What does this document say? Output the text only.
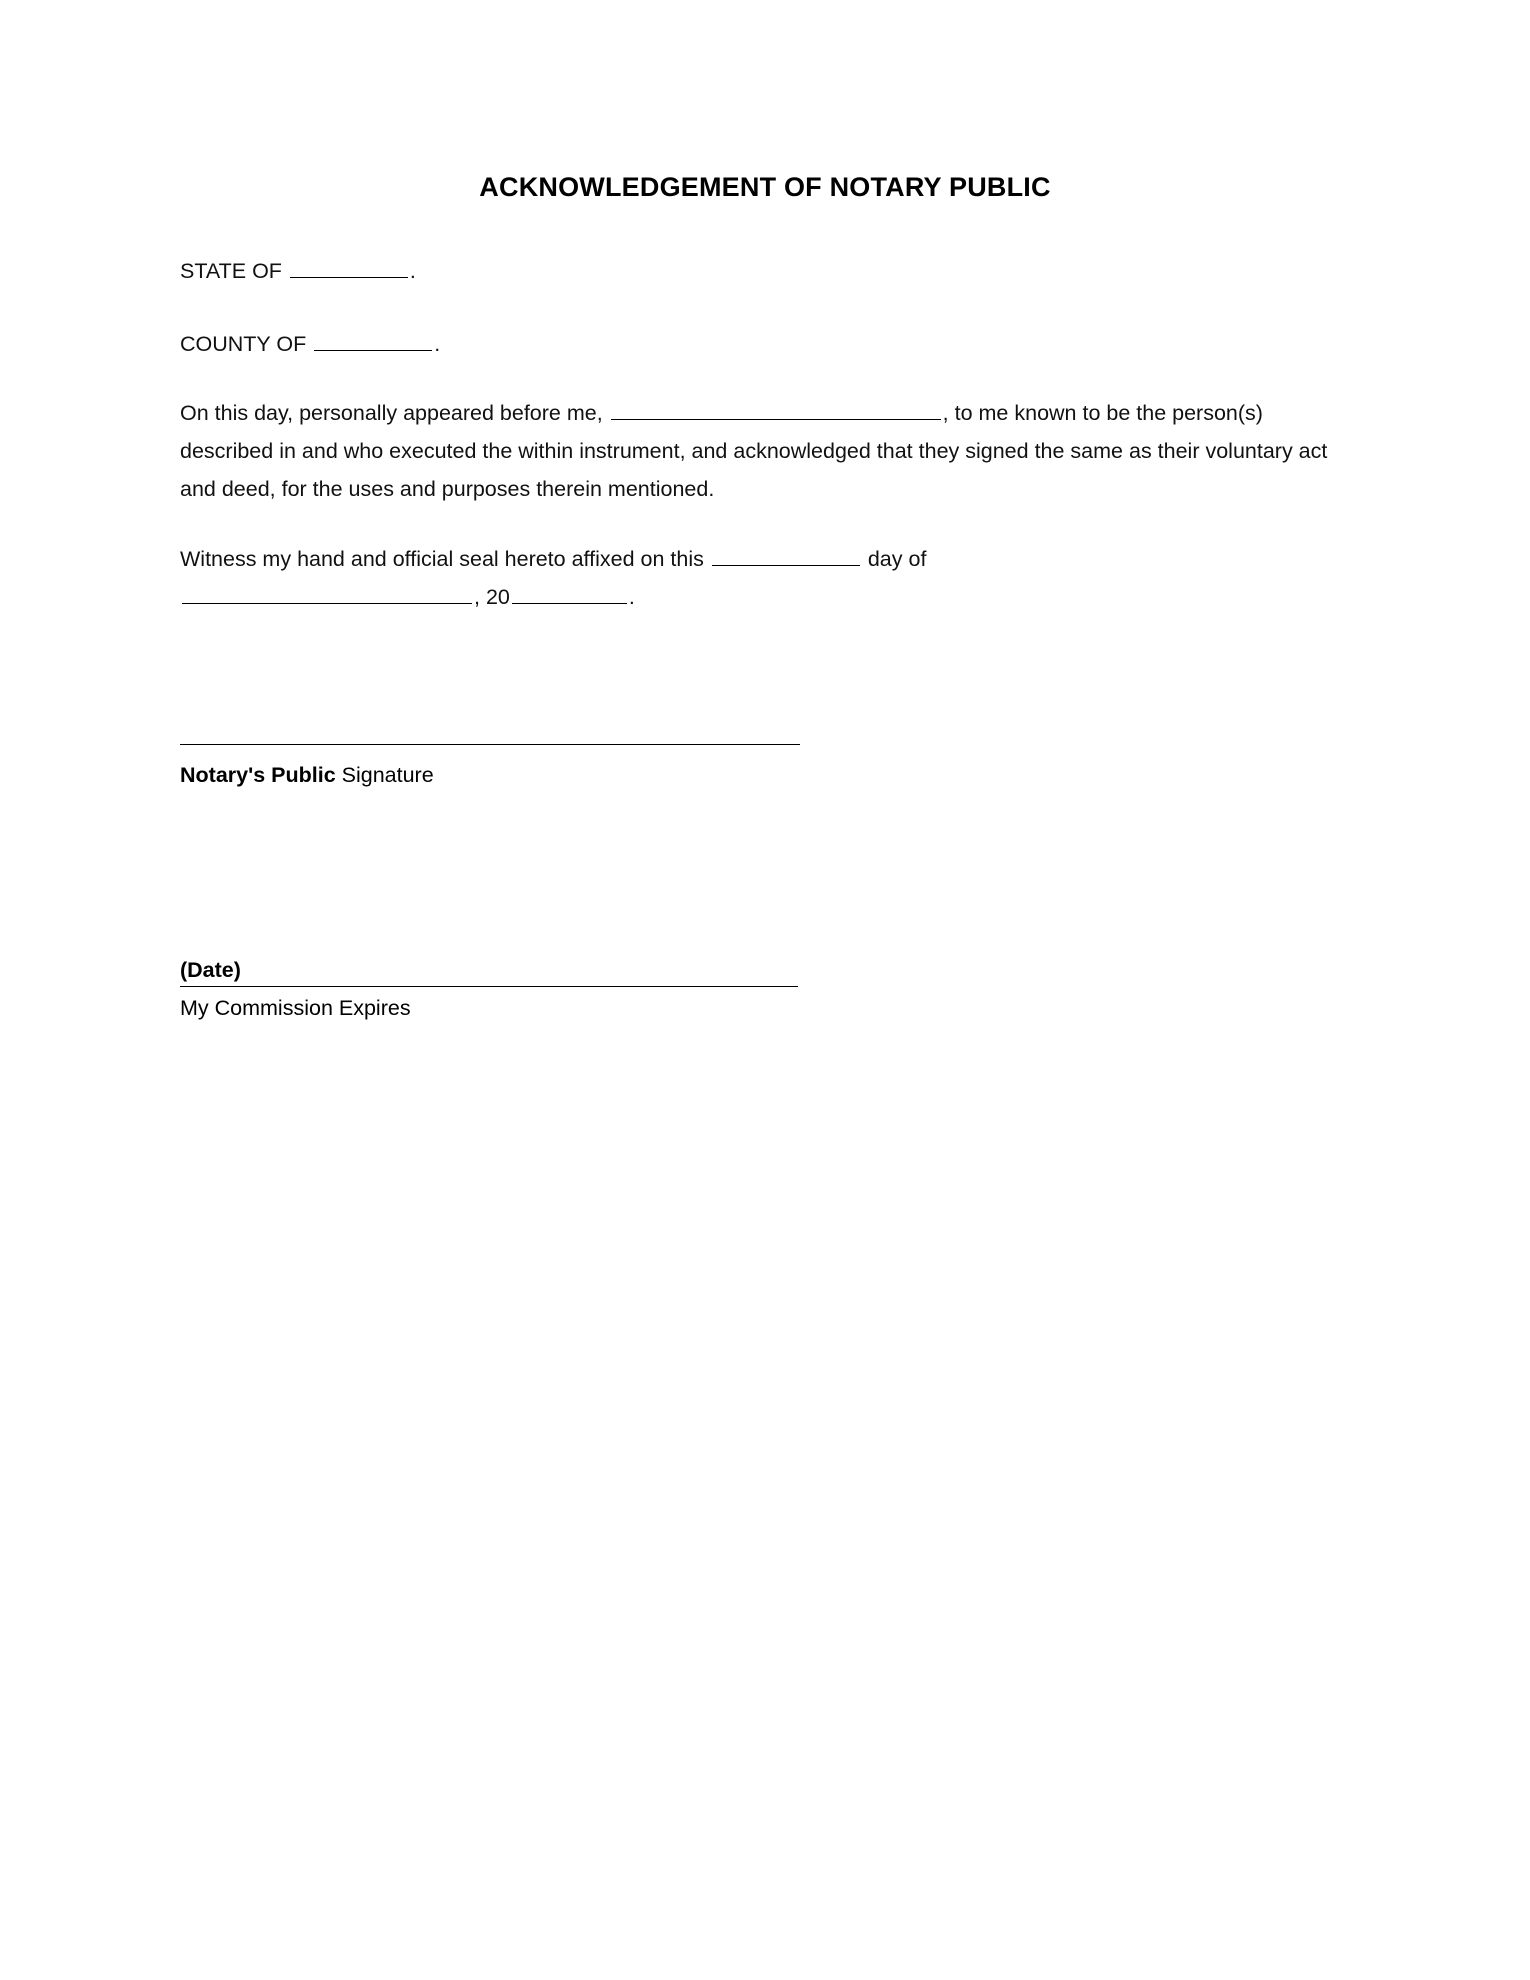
ACKNOWLEDGEMENT OF NOTARY PUBLIC
STATE OF	.
COUNTY OF	.
On this day, personally appeared before me,	, to me known to be the person(s) described in and who executed the within instrument, and acknowledged that they signed the same as their voluntary act and deed, for the uses and purposes therein mentioned.
Witness my hand and official seal hereto affixed on this	day of
, 20	.
Notary's Public Signature
(Date)
My Commission Expires
